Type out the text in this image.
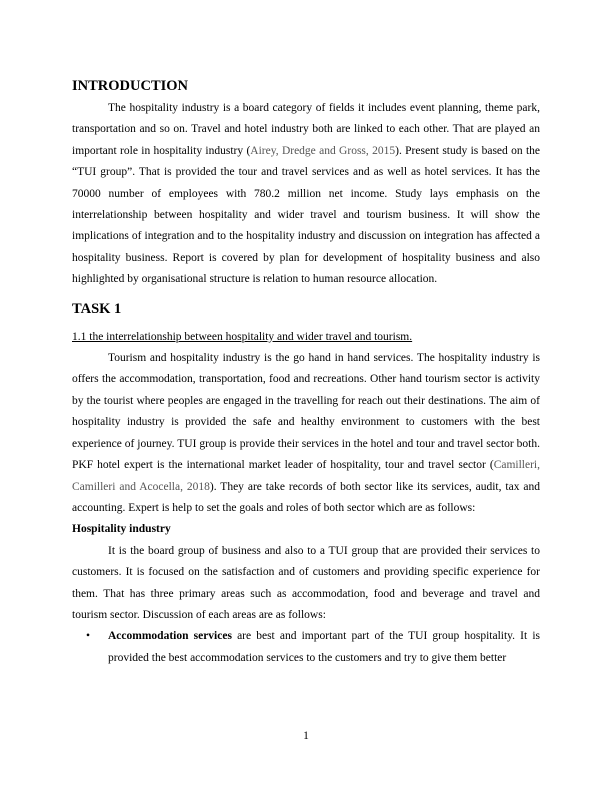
INTRODUCTION

The hospitality industry is a board category of fields it includes event planning, theme park, transportation and so on. Travel and hotel industry both are linked to each other. That are played an important role in hospitality industry (Airey, Dredge and Gross, 2015). Present study is based on the “TUI group”. That is provided the tour and travel services and as well as hotel services. It has the 70000 number of employees with 780.2 million net income. Study lays emphasis on the interrelationship between hospitality and wider travel and tourism business. It will show the implications of integration and to the hospitality industry and discussion on integration has affected a hospitality business. Report is covered by plan for development of hospitality business and also highlighted by organisational structure is relation to human resource allocation.

TASK 1
1.1 the interrelationship between hospitality and wider travel and tourism.

Tourism and hospitality industry is the go hand in hand services. The hospitality industry is offers the accommodation, transportation, food and recreations. Other hand tourism sector is activity by the tourist where peoples are engaged in the travelling for reach out their destinations. The aim of hospitality industry is provided the safe and healthy environment to customers with the best experience of journey. TUI group is provide their services in the hotel and tour and travel sector both. PKF hotel expert is the international market leader of hospitality, tour and travel sector (Camilleri, Camilleri and Acocella, 2018). They are take records of both sector like its services, audit, tax and accounting. Expert is help to set the goals and roles of both sector which are as follows:

Hospitality industry

It is the board group of business and also to a TUI group that are provided their services to customers. It is focused on the satisfaction and of customers and providing specific experience for them. That has three primary areas such as accommodation, food and beverage and travel and tourism sector. Discussion of each areas are as follows:

• Accommodation services are best and important part of the TUI group hospitality. It is provided the best accommodation services to the customers and try to give them better
1
